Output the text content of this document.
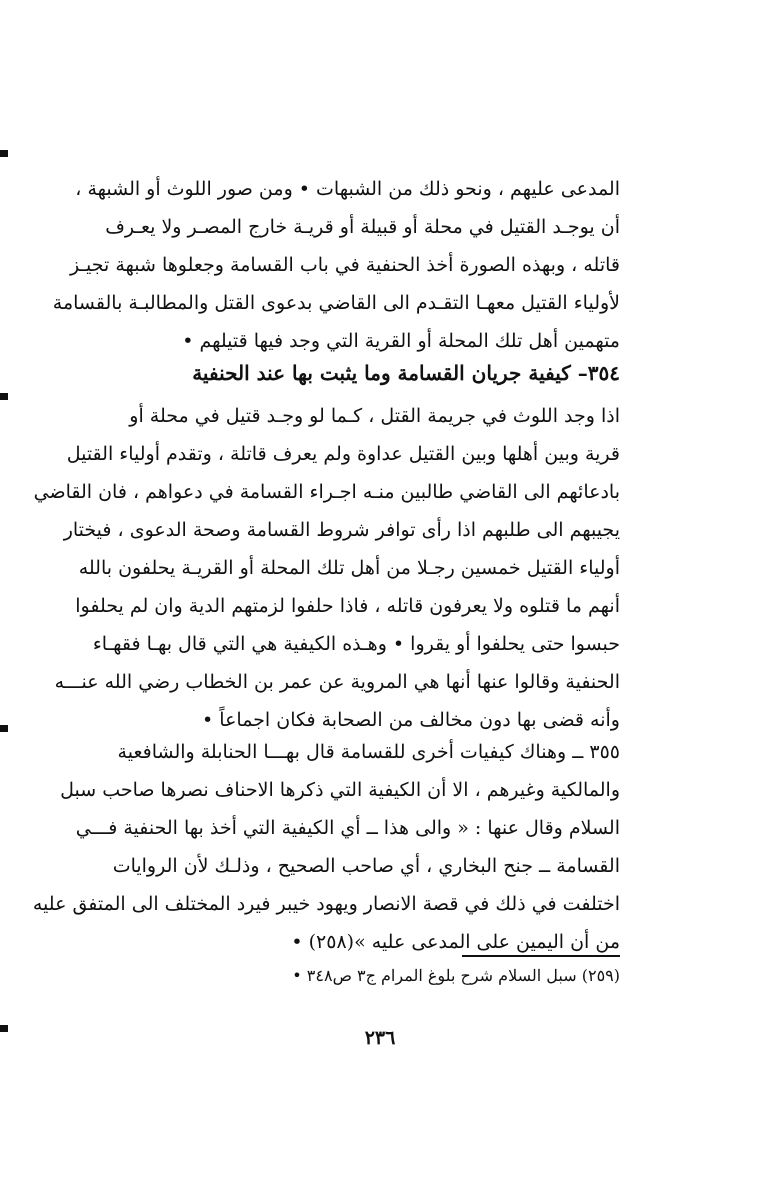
المدعى عليهم ، ونحو ذلك من الشبهات • ومن صور اللوث أو الشبهة ،
أن يوجـد القتيل في محلة أو قبيلة أو قريـة خارج المصـر ولا يعـرف
قاتله ، وبهذه الصورة أخذ الحنفية في باب القسامة وجعلوها شبهة تجيـز
لأولياء القتيل معهـا التقـدم الى القاضي بدعوى القتل والمطالبـة بالقسامة
متهمين أهل تلك المحلة أو القرية التي وجد فيها قتيلهم •
٣٥٤– كيفية جريان القسامة وما يثبت بها عند الحنفية
اذا وجد اللوث في جريمة القتل ، كـما لو وجـد قتيل في محلة أو
قرية وبين أهلها وبين القتيل عداوة ولم يعرف قاتلة ، وتقدم أولياء القتيل
بادعائهم الى القاضي طالبين منـه اجـراء القسامة في دعواهم ، فان القاضي
يجيبهم الى طلبهم اذا رأى توافر شروط القسامة وصحة الدعوى ، فيختار
أولياء القتيل خمسين رجـلا من أهل تلك المحلة أو القريـة يحلفون بالله
أنهم ما قتلوه ولا يعرفون قاتله ، فاذا حلفوا لزمتهم الدية وان لم يحلفوا
حبسوا حتى يحلفوا أو يقروا • وهـذه الكيفية هي التي قال بهـا فقهـاء
الحنفية وقالوا عنها أنها هي المروية عن عمر بن الخطاب رضي الله عنـــه
وأنه قضى بها دون مخالف من الصحابة فكان اجماعاً •
٣٥٥ ــ وهناك كيفيات أخرى للقسامة قال بهـــا الحنابلة والشافعية
والمالكية وغيرهم ، الا أن الكيفية التي ذكرها الاحناف نصرها صاحب سبل
السلام وقال عنها : « والى هذا ــ أي الكيفية التي أخذ بها الحنفية فـــي
القسامة ــ جنح البخاري ، أي صاحب الصحيح ، وذلـك لأن الروايات
اختلفت في ذلك في قصة الانصار ويهود خيبر فيرد المختلف الى المتفق عليه
من أن اليمين على المدعى عليه »(٢٥٨) •
(٢٥٩) سبل السلام شرح بلوغ المرام ج٣ ص٣٤٨ •
٢٣٦
